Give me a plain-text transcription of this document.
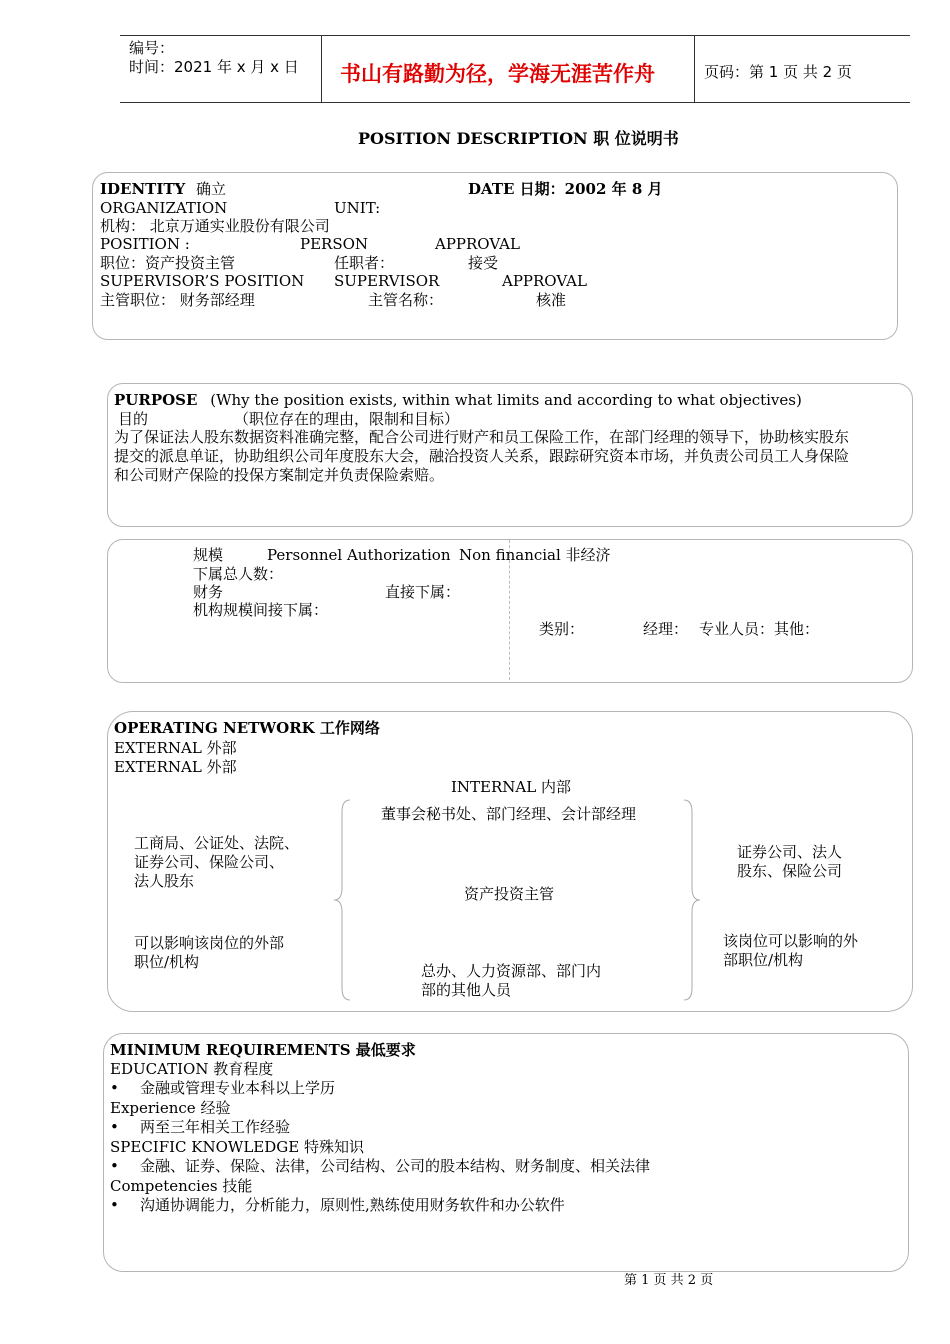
编号：
时间：2021 年 x 月 x 日 书山有路勤为径，学海无涯苦作舟	页码：第 1 页 共 2 页
POSITION DESCRIPTION 职 位说明书
IDENTITY 确立	DATE 日期：2002 年 8 月
ORGANIZATION	UNIT:
机构： 北京万通实业股份有限公司
POSITION :	PERSON	APPROVAL
职位：资产投资主管	任职者：	接受
SUPERVISOR’S POSITION SUPERVISOR	APPROVAL
主管职位： 财务部经理	主管名称：	核准
PURPOSE (Why the position exists, within what limits and according to what objectives)
目的	（职位存在的理由，限制和目标）
为了保证法人股东数据资料准确完整，配合公司进行财产和员工保险工作，在部门经理的领导下，协助核实股东
提交的派息单证，协助组织公司年度股东大会，融洽投资人关系，跟踪研究资本市场，并负责公司员工人身保险
和公司财产保险的投保方案制定并负责保险索赔。
规模	Personnel Authorization Non financial 非经济
下属总人数：
财务	直接下属：
机构规模间接下属：
类别：	经理： 专业人员：其他：
OPERATING NETWORK 工作网络
EXTERNAL 外部
EXTERNAL 外部
INTERNAL 内部
董事会秘书处、部门经理、会计部经理
工商局、公证处、法院、
证券公司、保险公司、
法人股东
资产投资主管
证券公司、法人
股东、保险公司
可以影响该岗位的外部
职位/机构
该岗位可以影响的外
部职位/机构
总办、人力资源部、部门内
部的其他人员
MINIMUM REQUIREMENTS 最低要求
EDUCATION 教育程度
• 金融或管理专业本科以上学历
Experience 经验
• 两至三年相关工作经验
SPECIFIC KNOWLEDGE 特殊知识
• 金融、证券、保险、法律，公司结构、公司的股本结构、财务制度、相关法律
Competencies 技能
• 沟通协调能力，分析能力，原则性,熟练使用财务软件和办公软件
第 1 页 共 2 页
